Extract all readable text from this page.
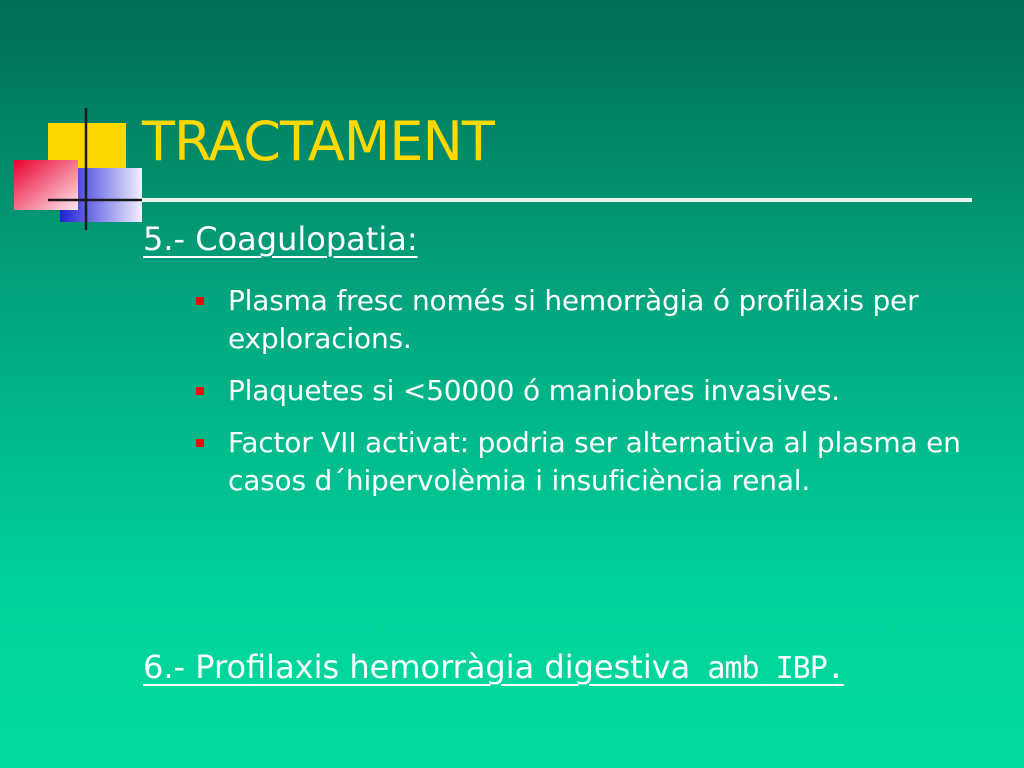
TRACTAMENT
5.- Coagulopatia:
Plasma fresc només si hemorràgia ó profilaxis per exploracions.
Plaquetes si <50000 ó maniobres invasives.
Factor VII activat: podria ser alternativa al plasma en casos d´hipervolèmia i insuficiència renal.

6.- Profilaxis hemorràgia digestiva amb IBP.
